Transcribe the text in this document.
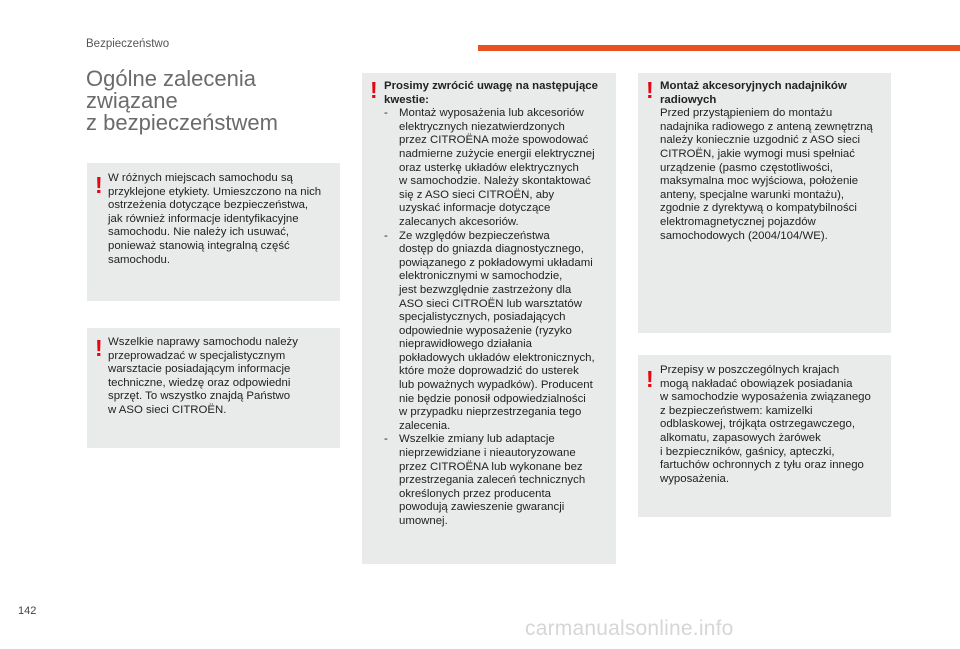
Bezpieczeństwo
Ogólne zalecenia
związane
z bezpieczeństwem
! W różnych miejscach samochodu są
przyklejone etykiety. Umieszczono na nich
ostrzeżenia dotyczące bezpieczeństwa,
jak również informacje identyfikacyjne
samochodu. Nie należy ich usuwać,
ponieważ stanowią integralną część
samochodu.
! Wszelkie naprawy samochodu należy
przeprowadzać w specjalistycznym
warsztacie posiadającym informacje
techniczne, wiedzę oraz odpowiedni
sprzęt. To wszystko znajdą Państwo
w ASO sieci CITROËN.
! Prosimy zwrócić uwagę na następujące
kwestie:
- Montaż wyposażenia lub akcesoriów
elektrycznych niezatwierdzonych
przez CITROËNA może spowodować
nadmierne zużycie energii elektrycznej
oraz usterkę układów elektrycznych
w samochodzie. Należy skontaktować
się z ASO sieci CITROËN, aby
uzyskać informacje dotyczące
zalecanych akcesoriów.
- Ze względów bezpieczeństwa
dostęp do gniazda diagnostycznego,
powiązanego z pokładowymi układami
elektronicznymi w samochodzie,
jest bezwzględnie zastrzeżony dla
ASO sieci CITROËN lub warsztatów
specjalistycznych, posiadających
odpowiednie wyposażenie (ryzyko
nieprawidłowego działania
pokładowych układów elektronicznych,
które może doprowadzić do usterek
lub poważnych wypadków). Producent
nie będzie ponosił odpowiedzialności
w przypadku nieprzestrzegania tego
zalecenia.
- Wszelkie zmiany lub adaptacje
nieprzewidziane i nieautoryzowane
przez CITROËNA lub wykonane bez
przestrzegania zaleceń technicznych
określonych przez producenta
powodują zawieszenie gwarancji
umownej.
! Montaż akcesoryjnych nadajników
radiowych
Przed przystąpieniem do montażu
nadajnika radiowego z anteną zewnętrzną
należy koniecznie uzgodnić z ASO sieci
CITROËN, jakie wymogi musi spełniać
urządzenie (pasmo częstotliwości,
maksymalna moc wyjściowa, położenie
anteny, specjalne warunki montażu),
zgodnie z dyrektywą o kompatybilności
elektromagnetycznej pojazdów
samochodowych (2004/104/WE).
! Przepisy w poszczególnych krajach
mogą nakładać obowiązek posiadania
w samochodzie wyposażenia związanego
z bezpieczeństwem: kamizelki
odblaskowej, trójkąta ostrzegawczego,
alkomatu, zapasowych żarówek
i bezpieczników, gaśnicy, apteczki,
fartuchów ochronnych z tyłu oraz innego
wyposażenia.
142
carmanualsonline.info
